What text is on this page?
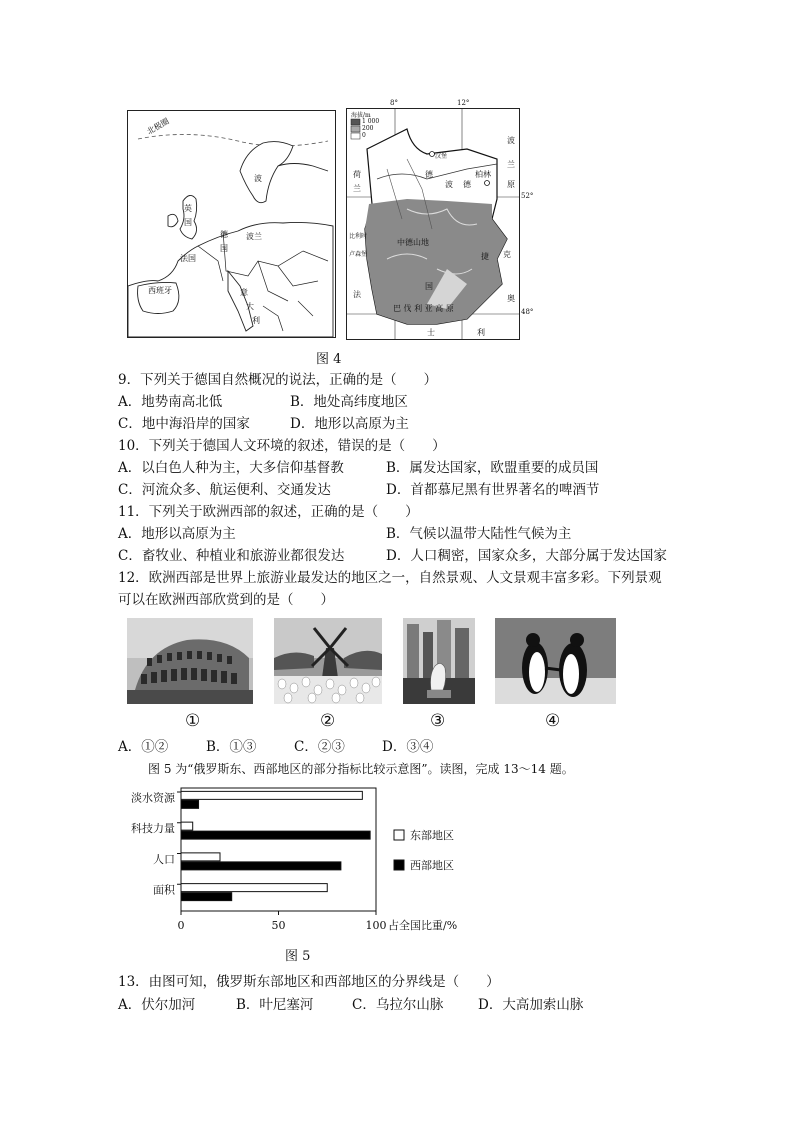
北极圈
波
英
国
德
国
波兰
法国
西班牙	意
大
利
海拔/m
1 000
200
0
荷
兰
德
波 德
柏林
汉堡
中德山地
国
巴 伐 利 亚 高 原
法
比利时
卢森堡	捷 克
奥
波
兰
原
士	利
8°	12°
52°
48°
图 4
9．下列关于德国自然概况的说法，正确的是（　　）
A．地势南高北低	B．地处高纬度地区
C．地中海沿岸的国家	D．地形以高原为主
10．下列关于德国人文环境的叙述，错误的是（　　）
A．以白色人种为主，大多信仰基督教	B．属发达国家，欧盟重要的成员国
C．河流众多、航运便利、交通发达	D．首都慕尼黑有世界著名的啤酒节
11．下列关于欧洲西部的叙述，正确的是（　　）
A．地形以高原为主	B．气候以温带大陆性气候为主
C．畜牧业、种植业和旅游业都很发达	D．人口稠密，国家众多，大部分属于发达国家
12．欧洲西部是世界上旅游业最发达的地区之一，自然景观、人文景观丰富多彩。下列景观
可以在欧洲西部欣赏到的是（　　）
①	②	③	④
A．①②	B．①③	C．②③	D．③④
图 5 为“俄罗斯东、西部地区的部分指标比较示意图”。读图，完成 13～14 题。
淡水资源
科技力量
人口
面积
0	50	100 占全国比重/%
东部地区
西部地区
图 5
13．由图可知，俄罗斯东部地区和西部地区的分界线是（　　）
A．伏尔加河	B．叶尼塞河	C．乌拉尔山脉	D．大高加索山脉
